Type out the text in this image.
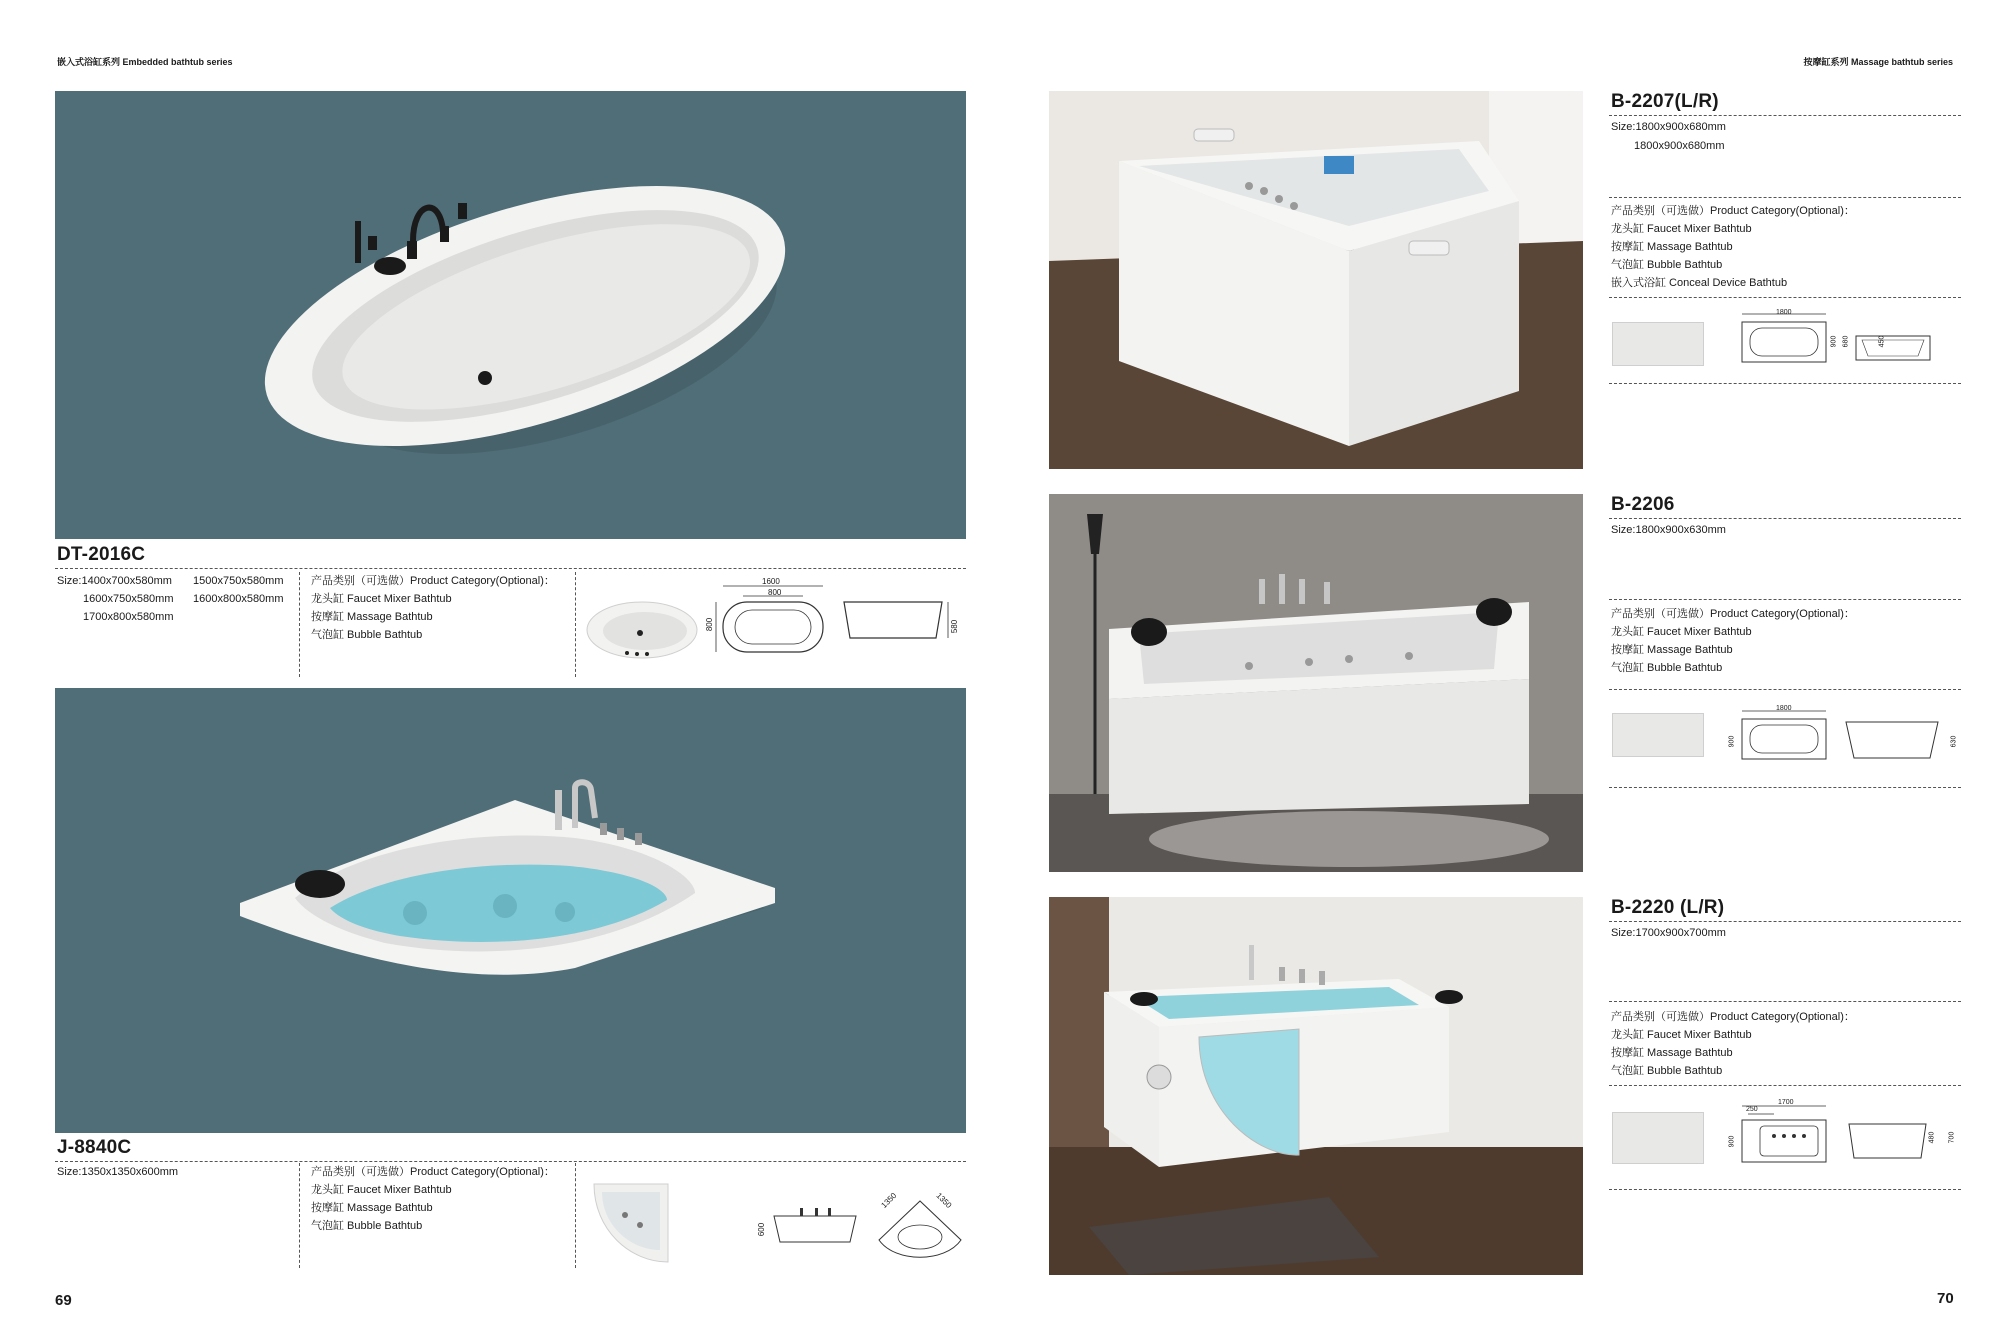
嵌入式浴缸系列 Embedded bathtub series	按摩缸系列 Massage bathtub series
DT-2016C
Size:1400x700x580mm
1600x750x580mm
1700x800x580mm
1500x750x580mm
1600x800x580mm
产品类别（可选做）Product Category(Optional)：
龙头缸 Faucet Mixer Bathtub
按摩缸 Massage Bathtub
气泡缸 Bubble Bathtub
1600
800
800	580
J-8840C
Size:1350x1350x600mm	产品类别（可选做）Product Category(Optional)：
龙头缸 Faucet Mixer Bathtub
按摩缸 Massage Bathtub
气泡缸 Bubble Bathtub	600
1350	1350
69
B-2207(L/R)
Size:1800x900x680mm
1800x900x680mm
产品类别（可选做）Product Category(Optional)：
龙头缸 Faucet Mixer Bathtub
按摩缸 Massage Bathtub
气泡缸 Bubble Bathtub
嵌入式浴缸 Conceal Device Bathtub
1800
900 680	450
B-2206
Size:1800x900x630mm
产品类别（可选做）Product Category(Optional)：
龙头缸 Faucet Mixer Bathtub
按摩缸 Massage Bathtub
气泡缸 Bubble Bathtub
1800
900	630
B-2220 (L/R)
Size:1700x900x700mm
产品类别（可选做）Product Category(Optional)：
龙头缸 Faucet Mixer Bathtub
按摩缸 Massage Bathtub
气泡缸 Bubble Bathtub
1700
250
900	480 700
70
